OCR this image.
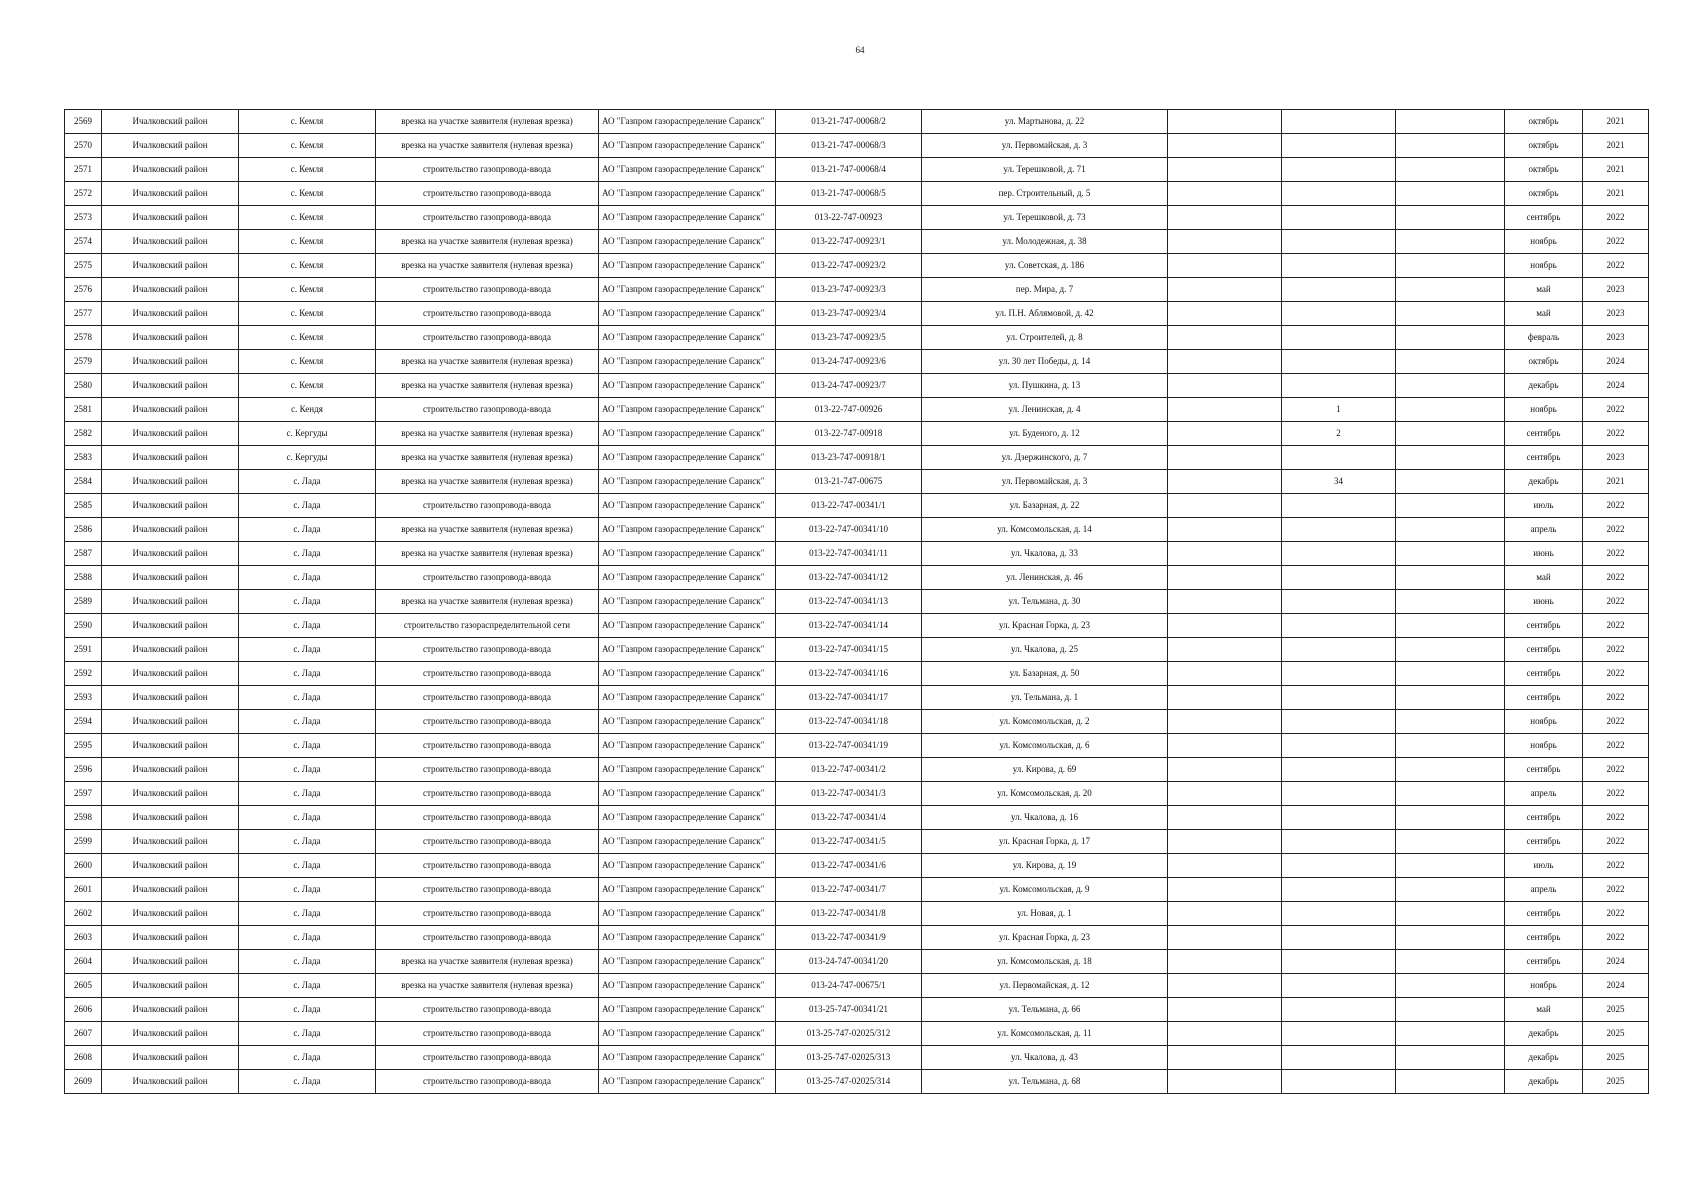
64
2569	Ичалковский район	с. Кемля	врезка на участке заявителя (нулевая врезка)	АО "Газпром газораспределение Саранск"	013-21-747-00068/2	ул. Мартынова, д. 22				октябрь	2021
2570	Ичалковский район	с. Кемля	врезка на участке заявителя (нулевая врезка)	АО "Газпром газораспределение Саранск"	013-21-747-00068/3	ул. Первомайская, д. 3				октябрь	2021
2571	Ичалковский район	с. Кемля	строительство газопровода-ввода	АО "Газпром газораспределение Саранск"	013-21-747-00068/4	ул. Терешковой, д. 71				октябрь	2021
2572	Ичалковский район	с. Кемля	строительство газопровода-ввода	АО "Газпром газораспределение Саранск"	013-21-747-00068/5	пер. Строительный, д. 5				октябрь	2021
2573	Ичалковский район	с. Кемля	строительство газопровода-ввода	АО "Газпром газораспределение Саранск"	013-22-747-00923	ул. Терешковой, д. 73				сентябрь	2022
2574	Ичалковский район	с. Кемля	врезка на участке заявителя (нулевая врезка)	АО "Газпром газораспределение Саранск"	013-22-747-00923/1	ул. Молодежная, д. 38				ноябрь	2022
2575	Ичалковский район	с. Кемля	врезка на участке заявителя (нулевая врезка)	АО "Газпром газораспределение Саранск"	013-22-747-00923/2	ул. Советская, д. 186				ноябрь	2022
2576	Ичалковский район	с. Кемля	строительство газопровода-ввода	АО "Газпром газораспределение Саранск"	013-23-747-00923/3	пер. Мира, д. 7				май	2023
2577	Ичалковский район	с. Кемля	строительство газопровода-ввода	АО "Газпром газораспределение Саранск"	013-23-747-00923/4	ул. П.Н. Аблямовой, д. 42				май	2023
2578	Ичалковский район	с. Кемля	строительство газопровода-ввода	АО "Газпром газораспределение Саранск"	013-23-747-00923/5	ул. Строителей, д. 8				февраль	2023
2579	Ичалковский район	с. Кемля	врезка на участке заявителя (нулевая врезка)	АО "Газпром газораспределение Саранск"	013-24-747-00923/6	ул. 30 лет Победы, д. 14				октябрь	2024
2580	Ичалковский район	с. Кемля	врезка на участке заявителя (нулевая врезка)	АО "Газпром газораспределение Саранск"	013-24-747-00923/7	ул. Пушкина, д. 13				декабрь	2024
2581	Ичалковский район	с. Кендя	строительство газопровода-ввода	АО "Газпром газораспределение Саранск"	013-22-747-00926	ул. Ленинская, д. 4		1		ноябрь	2022
2582	Ичалковский район	с. Кергуды	врезка на участке заявителя (нулевая врезка)	АО "Газпром газораспределение Саранск"	013-22-747-00918	ул. Буденого, д. 12		2		сентябрь	2022
2583	Ичалковский район	с. Кергуды	врезка на участке заявителя (нулевая врезка)	АО "Газпром газораспределение Саранск"	013-23-747-00918/1	ул. Дзержинского, д. 7				сентябрь	2023
2584	Ичалковский район	с. Лада	врезка на участке заявителя (нулевая врезка)	АО "Газпром газораспределение Саранск"	013-21-747-00675	ул. Первомайская, д. 3		34		декабрь	2021
2585	Ичалковский район	с. Лада	строительство газопровода-ввода	АО "Газпром газораспределение Саранск"	013-22-747-00341/1	ул. Базарная, д. 22				июль	2022
2586	Ичалковский район	с. Лада	врезка на участке заявителя (нулевая врезка)	АО "Газпром газораспределение Саранск"	013-22-747-00341/10	ул. Комсомольская, д. 14				апрель	2022
2587	Ичалковский район	с. Лада	врезка на участке заявителя (нулевая врезка)	АО "Газпром газораспределение Саранск"	013-22-747-00341/11	ул. Чкалова, д. 33				июнь	2022
2588	Ичалковский район	с. Лада	строительство газопровода-ввода	АО "Газпром газораспределение Саранск"	013-22-747-00341/12	ул. Ленинская, д. 46				май	2022
2589	Ичалковский район	с. Лада	врезка на участке заявителя (нулевая врезка)	АО "Газпром газораспределение Саранск"	013-22-747-00341/13	ул. Тельмана, д. 30				июнь	2022
2590	Ичалковский район	с. Лада	строительство газораспределительной сети	АО "Газпром газораспределение Саранск"	013-22-747-00341/14	ул. Красная Горка, д. 23				сентябрь	2022
2591	Ичалковский район	с. Лада	строительство газопровода-ввода	АО "Газпром газораспределение Саранск"	013-22-747-00341/15	ул. Чкалова, д. 25				сентябрь	2022
2592	Ичалковский район	с. Лада	строительство газопровода-ввода	АО "Газпром газораспределение Саранск"	013-22-747-00341/16	ул. Базарная, д. 50				сентябрь	2022
2593	Ичалковский район	с. Лада	строительство газопровода-ввода	АО "Газпром газораспределение Саранск"	013-22-747-00341/17	ул. Тельмана, д. 1				сентябрь	2022
2594	Ичалковский район	с. Лада	строительство газопровода-ввода	АО "Газпром газораспределение Саранск"	013-22-747-00341/18	ул. Комсомольская, д. 2				ноябрь	2022
2595	Ичалковский район	с. Лада	строительство газопровода-ввода	АО "Газпром газораспределение Саранск"	013-22-747-00341/19	ул. Комсомольская, д. 6				ноябрь	2022
2596	Ичалковский район	с. Лада	строительство газопровода-ввода	АО "Газпром газораспределение Саранск"	013-22-747-00341/2	ул. Кирова, д. 69				сентябрь	2022
2597	Ичалковский район	с. Лада	строительство газопровода-ввода	АО "Газпром газораспределение Саранск"	013-22-747-00341/3	ул. Комсомольская, д. 20				апрель	2022
2598	Ичалковский район	с. Лада	строительство газопровода-ввода	АО "Газпром газораспределение Саранск"	013-22-747-00341/4	ул. Чкалова, д. 16				сентябрь	2022
2599	Ичалковский район	с. Лада	строительство газопровода-ввода	АО "Газпром газораспределение Саранск"	013-22-747-00341/5	ул. Красная Горка, д. 17				сентябрь	2022
2600	Ичалковский район	с. Лада	строительство газопровода-ввода	АО "Газпром газораспределение Саранск"	013-22-747-00341/6	ул. Кирова, д. 19				июль	2022
2601	Ичалковский район	с. Лада	строительство газопровода-ввода	АО "Газпром газораспределение Саранск"	013-22-747-00341/7	ул. Комсомольская, д. 9				апрель	2022
2602	Ичалковский район	с. Лада	строительство газопровода-ввода	АО "Газпром газораспределение Саранск"	013-22-747-00341/8	ул. Новая, д. 1				сентябрь	2022
2603	Ичалковский район	с. Лада	строительство газопровода-ввода	АО "Газпром газораспределение Саранск"	013-22-747-00341/9	ул. Красная Горка, д. 23				сентябрь	2022
2604	Ичалковский район	с. Лада	врезка на участке заявителя (нулевая врезка)	АО "Газпром газораспределение Саранск"	013-24-747-00341/20	ул. Комсомольская, д. 18				сентябрь	2024
2605	Ичалковский район	с. Лада	врезка на участке заявителя (нулевая врезка)	АО "Газпром газораспределение Саранск"	013-24-747-00675/1	ул. Первомайская, д. 12				ноябрь	2024
2606	Ичалковский район	с. Лада	строительство газопровода-ввода	АО "Газпром газораспределение Саранск"	013-25-747-00341/21	ул. Тельмана, д. 66				май	2025
2607	Ичалковский район	с. Лада	строительство газопровода-ввода	АО "Газпром газораспределение Саранск"	013-25-747-02025/312	ул. Комсомольская, д. 11				декабрь	2025
2608	Ичалковский район	с. Лада	строительство газопровода-ввода	АО "Газпром газораспределение Саранск"	013-25-747-02025/313	ул. Чкалова, д. 43				декабрь	2025
2609	Ичалковский район	с. Лада	строительство газопровода-ввода	АО "Газпром газораспределение Саранск"	013-25-747-02025/314	ул. Тельмана, д. 68				декабрь	2025
